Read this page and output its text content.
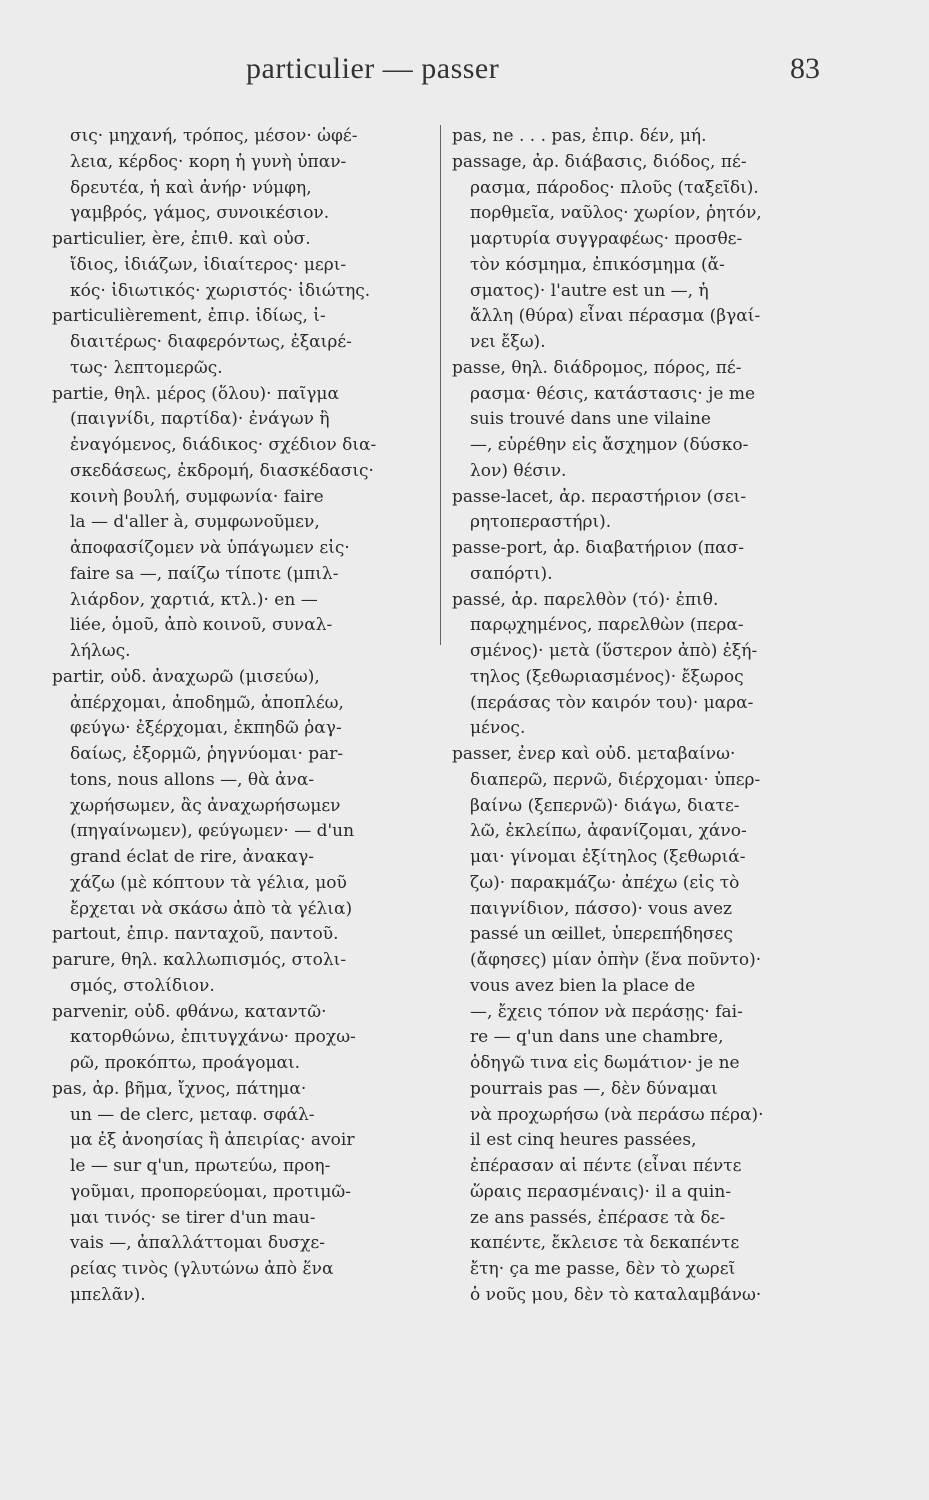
particulier — passer	83
σις· μηχανή, τρόπος, μέσον· ὠφέ-
λεια, κέρδος· κορη ἡ γυνὴ ὑπαν-
δρευτέα, ἡ καὶ ἀνήρ· νύμφη,
γαμβρός, γάμος, συνοικέσιον.
particulier, ère, ἐπιθ. καὶ οὐσ.
ἴδιος, ἰδιάζων, ἰδιαίτερος· μερι-
κός· ἰδιωτικός· χωριστός· ἰδιώτης.
particulièrement, ἐπιρ. ἰδίως, ἰ-
διαιτέρως· διαφερόντως, ἐξαιρέ-
τως· λεπτομερῶς.
partie, θηλ. μέρος (ὅλου)· παῖγμα
(παιγνίδι, παρτίδα)· ἐνάγων ἢ
ἐναγόμενος, διάδικος· σχέδιον δια-
σκεδάσεως, ἐκδρομή, διασκέδασις·
κοινὴ βουλή, συμφωνία· faire
la — d'aller à, συμφωνοῦμεν,
ἀποφασίζομεν νὰ ὑπάγωμεν εἰς·
faire sa —, παίζω τίποτε (μπιλ-
λιάρδον, χαρτιά, κτλ.)· en —
liée, ὁμοῦ, ἀπὸ κοινοῦ, συναλ-
λήλως.
partir, οὐδ. ἀναχωρῶ (μισεύω),
ἀπέρχομαι, ἀποδημῶ, ἀποπλέω,
φεύγω· ἐξέρχομαι, ἐκπηδῶ ῥαγ-
δαίως, ἐξορμῶ, ῥηγνύομαι· par-
tons, nous allons —, θὰ ἀνα-
χωρήσωμεν, ἂς ἀναχωρήσωμεν
(πηγαίνωμεν), φεύγωμεν· — d'un
grand éclat de rire, ἀνακαγ-
χάζω (μὲ κόπτουν τὰ γέλια, μοῦ
ἔρχεται νὰ σκάσω ἀπὸ τὰ γέλια)
partout, ἐπιρ. πανταχοῦ, παντοῦ.
parure, θηλ. καλλωπισμός, στολι-
σμός, στολίδιον.
parvenir, οὐδ. φθάνω, καταντῶ·
κατορθώνω, ἐπιτυγχάνω· προχω-
ρῶ, προκόπτω, προάγομαι.
pas, ἀρ. βῆμα, ἴχνος, πάτημα·
un — de clerc, μεταφ. σφάλ-
μα ἐξ ἀνοησίας ἢ ἀπειρίας· avoir
le — sur q'un, πρωτεύω, προη-
γοῦμαι, προπορεύομαι, προτιμῶ-
μαι τινός· se tirer d'un mau-
vais —, ἀπαλλάττομαι δυσχε-
ρείας τινὸς (γλυτώνω ἀπὸ ἕνα
μπελᾶν).
pas, ne . . . pas, ἐπιρ. δέν, μή.
passage, ἀρ. διάβασις, διόδος, πέ-
ρασμα, πάροδος· πλοῦς (ταξεῖδι).
πορθμεῖα, ναῦλος· χωρίον, ῥητόν,
μαρτυρία συγγραφέως· προσθε-
τὸν κόσμημα, ἐπικόσμημα (ἄ-
σματος)· l'autre est un —, ἡ
ἄλλη (θύρα) εἶναι πέρασμα (βγαί-
νει ἔξω).
passe, θηλ. διάδρομος, πόρος, πέ-
ρασμα· θέσις, κατάστασις· je me
suis trouvé dans une vilaine
—, εὑρέθην εἰς ἄσχημον (δύσκο-
λον) θέσιν.
passe-lacet, ἀρ. περαστήριον (σει-
ρητοπεραστήρι).
passe-port, ἀρ. διαβατήριον (πασ-
σαπόρτι).
passé, ἀρ. παρελθὸν (τό)· ἐπιθ.
παρῳχημένος, παρελθὼν (περα-
σμένος)· μετὰ (ὕστερον ἀπὸ) ἐξή-
τηλος (ξεθωριασμένος)· ἔξωρος
(περάσας τὸν καιρόν του)· μαρα-
μένος.
passer, ἐνερ καὶ οὐδ. μεταβαίνω·
διαπερῶ, περνῶ, διέρχομαι· ὑπερ-
βαίνω (ξεπερνῶ)· διάγω, διατε-
λῶ, ἐκλείπω, ἀφανίζομαι, χάνο-
μαι· γίνομαι ἐξίτηλος (ξεθωριά-
ζω)· παρακμάζω· ἀπέχω (εἰς τὸ
παιγνίδιον, πάσσο)· vous avez
passé un œillet, ὑπερεπήδησες
(ἄφησες) μίαν ὀπὴν (ἕνα ποῦντο)·
vous avez bien la place de
—, ἔχεις τόπον νὰ περάσῃς· fai-
re — q'un dans une chambre,
ὁδηγῶ τινα εἰς δωμάτιον· je ne
pourrais pas —, δὲν δύναμαι
νὰ προχωρήσω (νὰ περάσω πέρα)·
il est cinq heures passées,
ἐπέρασαν αἱ πέντε (εἶναι πέντε
ὥραις περασμέναις)· il a quin-
ze ans passés, ἐπέρασε τὰ δε-
καπέντε, ἔκλεισε τὰ δεκαπέντε
ἔτη· ça me passe, δὲν τὸ χωρεῖ
ὁ νοῦς μου, δὲν τὸ καταλαμβάνω·
